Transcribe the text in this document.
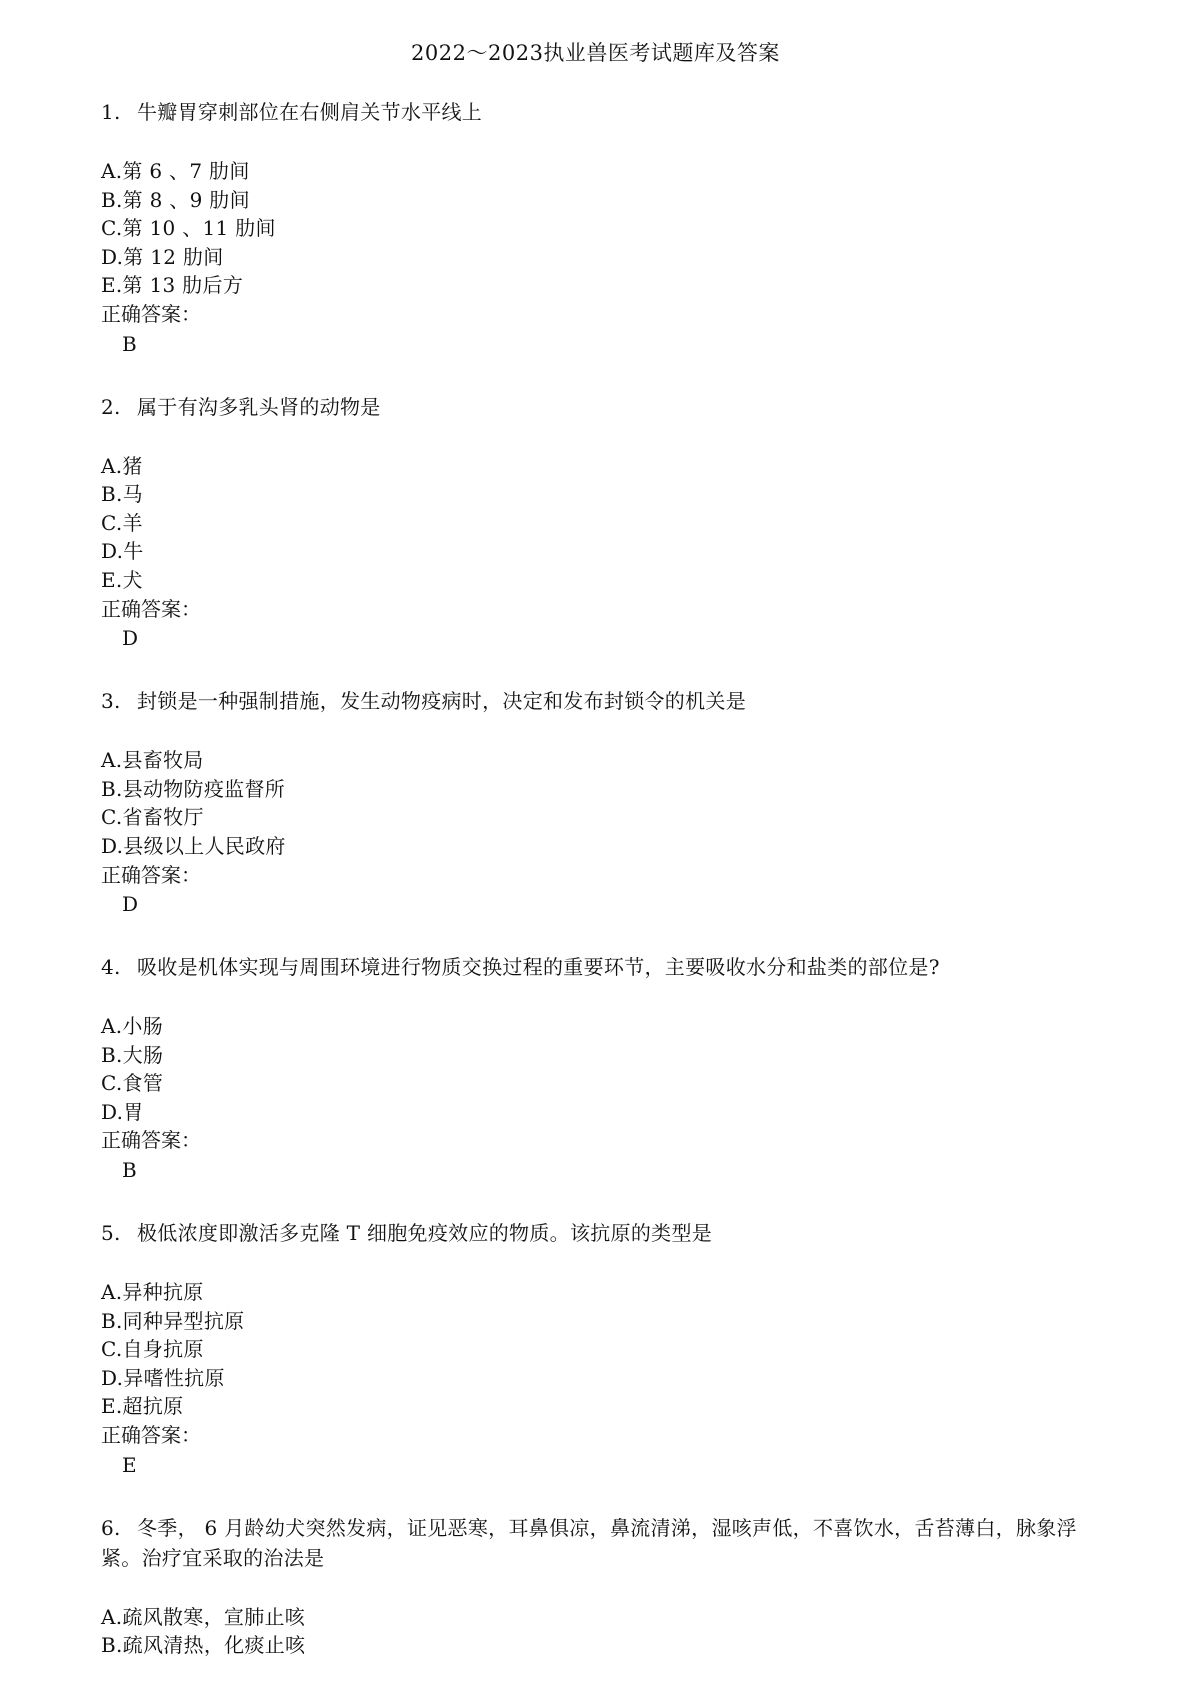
2022～2023执业兽医考试题库及答案
1. 牛瓣胃穿刺部位在右侧肩关节水平线上
A.第 6 、7 肋间
B.第 8 、9 肋间
C.第 10 、11 肋间
D.第 12 肋间
E.第 13 肋后方
正确答案：
B
2. 属于有沟多乳头肾的动物是
A.猪
B.马
C.羊
D.牛
E.犬
正确答案：
D
3. 封锁是一种强制措施，发生动物疫病时，决定和发布封锁令的机关是
A.县畜牧局
B.县动物防疫监督所
C.省畜牧厅
D.县级以上人民政府
正确答案：
D
4. 吸收是机体实现与周围环境进行物质交换过程的重要环节，主要吸收水分和盐类的部位是?
A.小肠
B.大肠
C.食管
D.胃
正确答案：
B
5. 极低浓度即激活多克隆 T 细胞免疫效应的物质。该抗原的类型是
A.异种抗原
B.同种异型抗原
C.自身抗原
D.异嗜性抗原
E.超抗原
正确答案：
E
6. 冬季， 6 月龄幼犬突然发病，证见恶寒，耳鼻俱凉，鼻流清涕，湿咳声低，不喜饮水，舌苔薄白，脉象浮紧。治疗宜采取的治法是
A.疏风散寒，宣肺止咳
B.疏风清热，化痰止咳
